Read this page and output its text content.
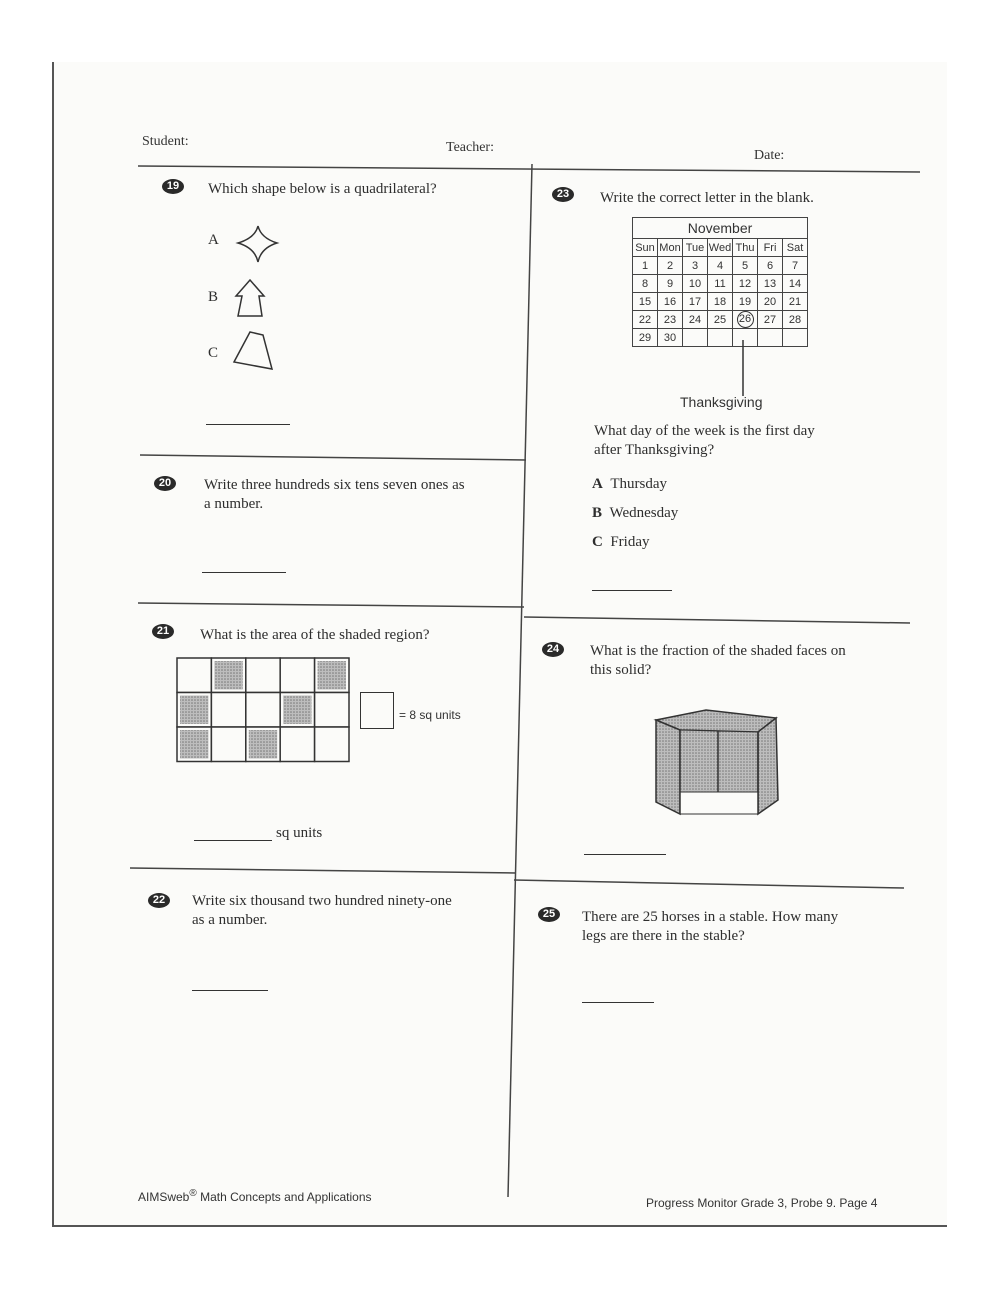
Student:	Teacher:
Date:
19	Which shape below is a quadrilateral?
A
B
C
20	Write three hundreds six tens seven ones as
a number.
21	What is the area of the shaded region?
= 8 sq units
sq units
22	Write six thousand two hundred ninety-one
as a number.
23	Write the correct letter in the blank.
November						
Sun	Mon	Tue	Wed	Thu	Fri	Sat
1	2	3	4	5	6	7
8	9	10	11	12	13	14
15	16	17	18	19	20	21
22	23	24	25	26	27	28
29	30					
Thanksgiving
What day of the week is the first day
after Thanksgiving?
A Thursday
B Wednesday
C Friday
24	What is the fraction of the shaded faces on
this solid?
25	There are 25 horses in a stable. How many
legs are there in the stable?
AIMSweb® Math Concepts and Applications	Progress Monitor Grade 3, Probe 9. Page 4
